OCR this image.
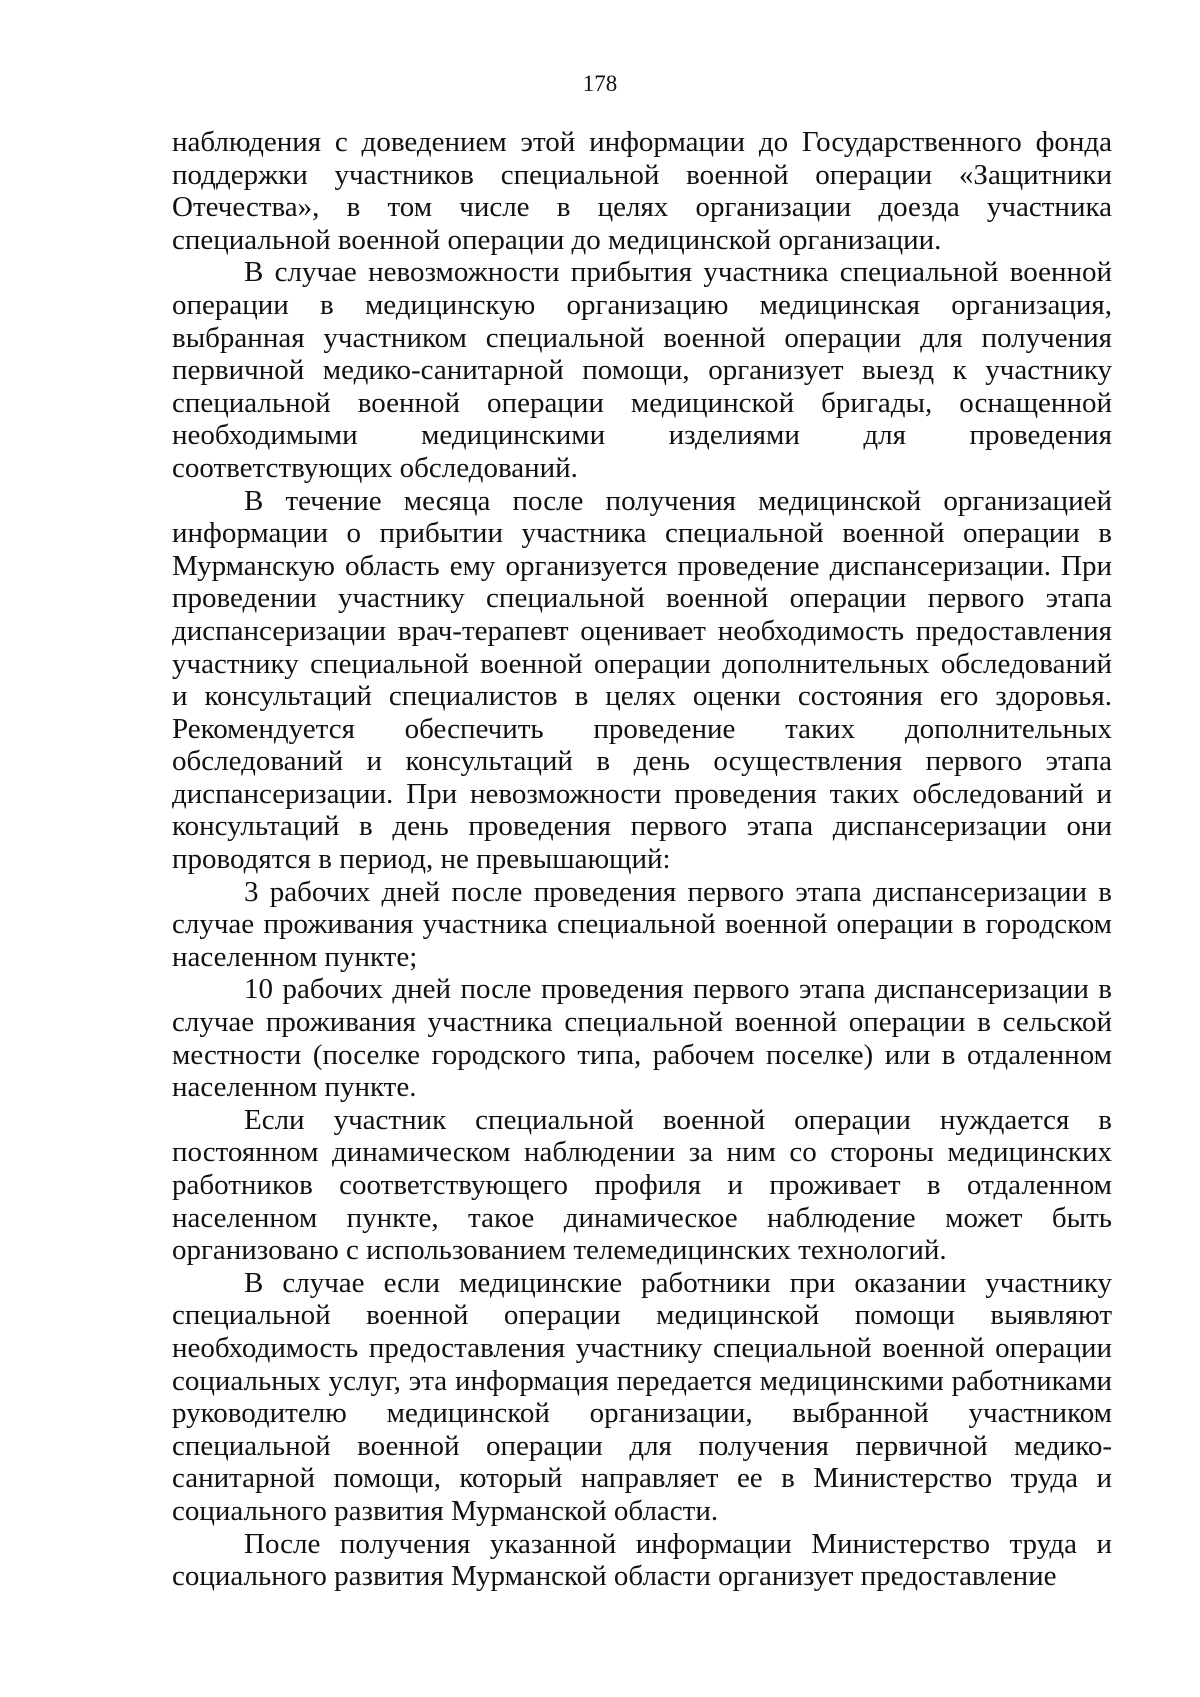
178

наблюдения с доведением этой информации до Государственного фонда поддержки участников специальной военной операции «Защитники Отечества», в том числе в целях организации доезда участника специальной военной операции до медицинской организации.

В случае невозможности прибытия участника специальной военной операции в медицинскую организацию медицинская организация, выбранная участником специальной военной операции для получения первичной медико-санитарной помощи, организует выезд к участнику специальной военной операции медицинской бригады, оснащенной необходимыми медицинскими изделиями для проведения соответствующих обследований.

В течение месяца после получения медицинской организацией информации о прибытии участника специальной военной операции в Мурманскую область ему организуется проведение диспансеризации. При проведении участнику специальной военной операции первого этапа диспансеризации врач-терапевт оценивает необходимость предоставления участнику специальной военной операции дополнительных обследований и консультаций специалистов в целях оценки состояния его здоровья. Рекомендуется обеспечить проведение таких дополнительных обследований и консультаций в день осуществления первого этапа диспансеризации. При невозможности проведения таких обследований и консультаций в день проведения первого этапа диспансеризации они проводятся в период, не превышающий:

3 рабочих дней после проведения первого этапа диспансеризации в случае проживания участника специальной военной операции в городском населенном пункте;

10 рабочих дней после проведения первого этапа диспансеризации в случае проживания участника специальной военной операции в сельской местности (поселке городского типа, рабочем поселке) или в отдаленном населенном пункте.

Если участник специальной военной операции нуждается в постоянном динамическом наблюдении за ним со стороны медицинских работников соответствующего профиля и проживает в отдаленном населенном пункте, такое динамическое наблюдение может быть организовано с использованием телемедицинских технологий.

В случае если медицинские работники при оказании участнику специальной военной операции медицинской помощи выявляют необходимость предоставления участнику специальной военной операции социальных услуг, эта информация передается медицинскими работниками руководителю медицинской организации, выбранной участником специальной военной операции для получения первичной медико-санитарной помощи, который направляет ее в Министерство труда и социального развития Мурманской области.

После получения указанной информации Министерство труда и социального развития Мурманской области организует предоставление
